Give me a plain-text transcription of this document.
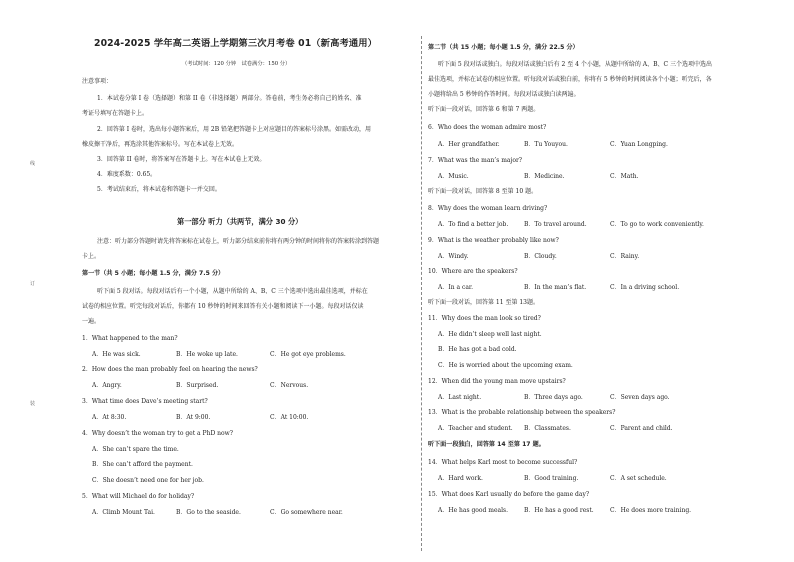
2024-2025 学年高二英语上学期第三次月考卷 01（新高考通用）
（考试时间：120 分钟　试卷满分：150 分）
注意事项：
1．本试卷分第 I 卷（选择题）和第 II 卷（非选择题）两部分。答卷前，考生务必将自己的姓名、准
考证号填写在答题卡上。
2．回答第 I 卷时，选出每小题答案后，用 2B 铅笔把答题卡上对应题目的答案标号涂黑。如需改动，用
橡皮擦干净后，再选涂其他答案标号。写在本试卷上无效。
3．回答第 II 卷时，将答案写在答题卡上。写在本试卷上无效。
4．难度系数：0.65。
5．考试结束后，将本试卷和答题卡一并交回。
第一部分 听力（共两节，满分 30 分）
注意：听力部分答题时请先将答案标在试卷上，听力部分结束前你将有两分钟的时间将你的答案转涂到答题
卡上。
第一节（共 5 小题；每小题 1.5 分，满分 7.5 分）
听下面 5 段对话。每段对话后有一个小题，从题中所给的 A、B、C 三个选项中选出最佳选项，并标在
试卷的相应位置。听完每段对话后，你都有 10 秒钟的时间来回答有关小题和阅读下一小题。每段对话仅读
一遍。
1．What happened to the man?
A．He was sick.	B．He woke up late.	C．He got eye problems.
2．How does the man probably feel on hearing the news?
A．Angry.	B．Surprised.	C．Nervous.
3．What time does Dave’s meeting start?
A．At 8:30.	B．At 9:00.	C．At 10:00.
4．Why doesn’t the woman try to get a PhD now?
A．She can’t spare the time.
B．She can’t afford the payment.
C．She doesn’t need one for her job.
5．What will Michael do for holiday?
A．Climb Mount Tai.	B．Go to the seaside.	C．Go somewhere near.
第二节（共 15 小题；每小题 1.5 分，满分 22.5 分）
听下面 5 段对话或独白。每段对话或独白后有 2 至 4 个小题，从题中所给的 A、B、C 三个选项中选出
最佳选项，并标在试卷的相应位置。听每段对话或独白前，你将有 5 秒钟的时间阅读各个小题；听完后，各
小题将给出 5 秒钟的作答时间。每段对话或独白读两遍。
听下面一段对话，回答第 6 和第 7 两题。
6．Who does the woman admire most?
A．Her grandfather.	B．Tu Youyou.	C．Yuan Longping.
7．What was the man’s major?
A．Music.	B．Medicine.	C．Math.
听下面一段对话，回答第 8 至第 10 题。
8．Why does the woman learn driving?
A．To find a better job.	B．To travel around.	C．To go to work conveniently.
9．What is the weather probably like now?
A．Windy.	B．Cloudy.	C．Rainy.
10．Where are the speakers?
A．In a car.	B．In the man’s flat.	C．In a driving school.
听下面一段对话，回答第 11 至第 13题。
11．Why does the man look so tired?
A．He didn’t sleep well last night.
B．He has got a bad cold.
C．He is worried about the upcoming exam.
12．When did the young man move upstairs?
A．Last night.	B．Three days ago.	C．Seven days ago.
13．What is the probable relationship between the speakers?
A．Teacher and student. B．Classmates.	C．Parent and child.
听下面一段独白，回答第 14 至第 17 题。
14．What helps Karl most to become successful?
A．Hard work.	B．Good training.	C．A set schedule.
15．What does Karl usually do before the game day?
A．He has good meals.	B．He has a good rest.	C．He does more training.
线
订
装
